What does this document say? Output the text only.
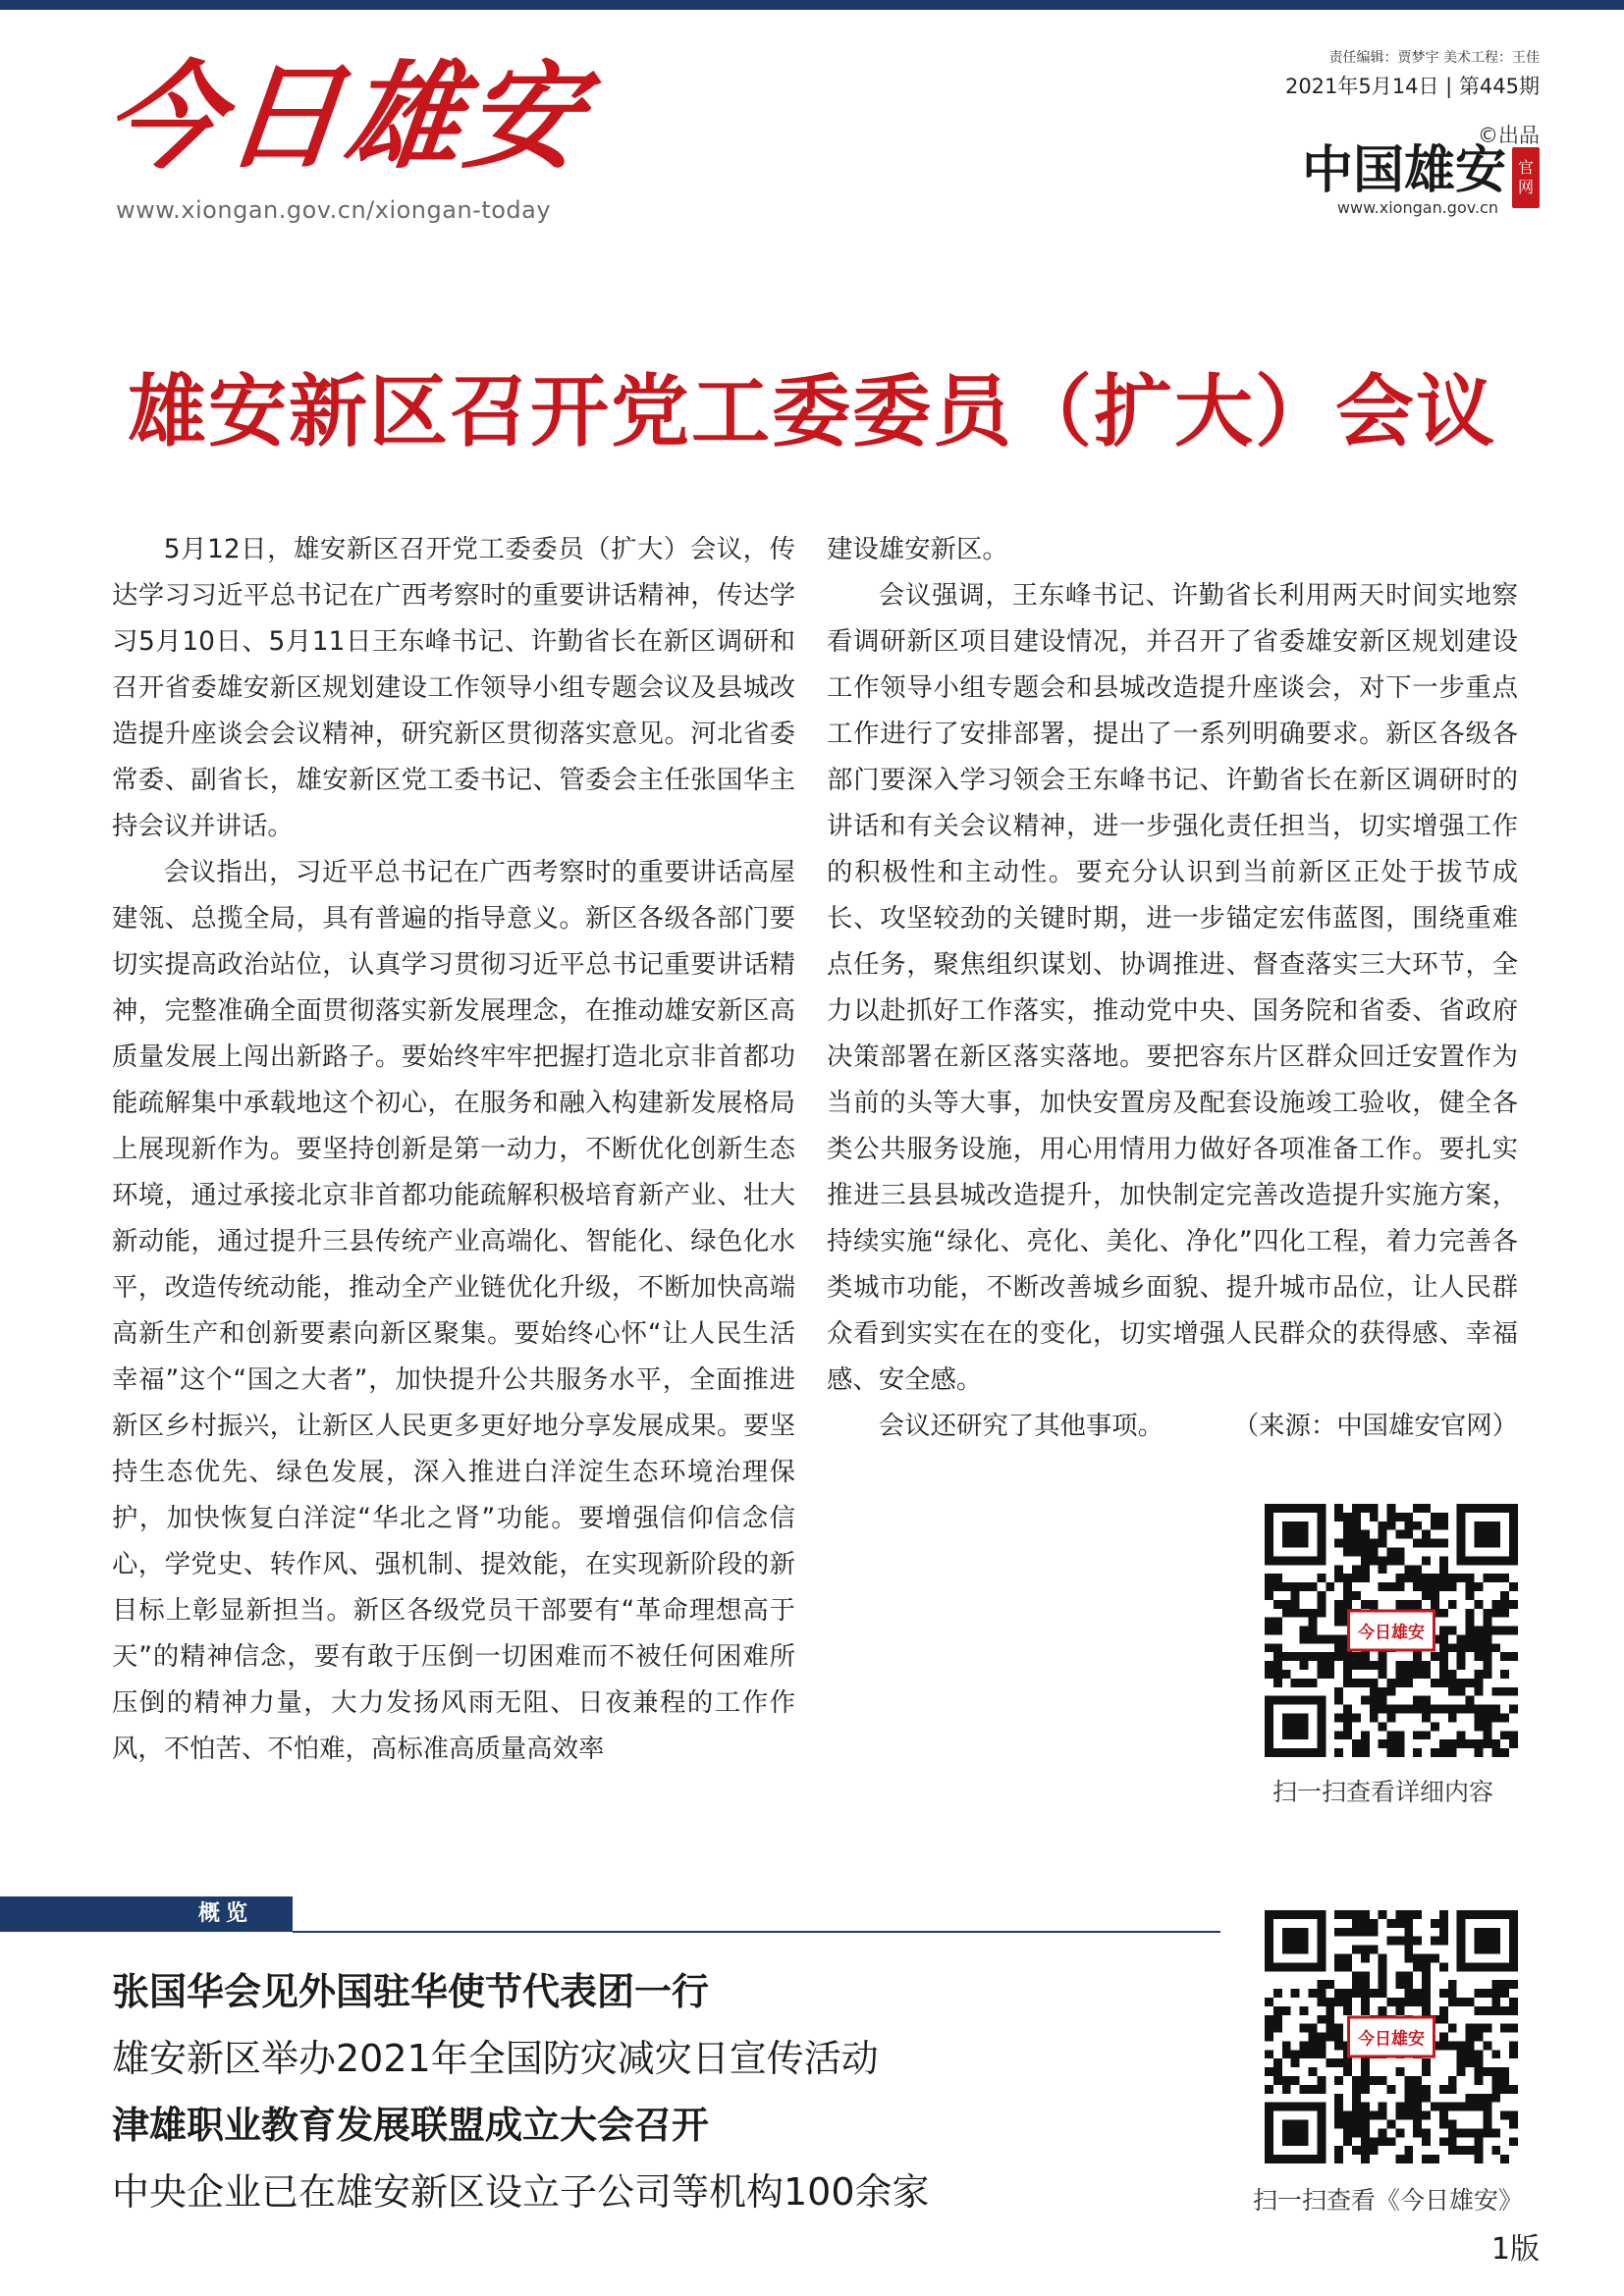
今日雄安
www.xiongan.gov.cn/xiongan-today
责任编辑：贾梦宇 美术工程：王佳
2021年5月14日 | 第445期
©出品
中国雄安 官网
www.xiongan.gov.cn
雄安新区召开党工委委员（扩大）会议

5月12日，雄安新区召开党工委委员（扩大）会议，传达学习习近平总书记在广西考察时的重要讲话精神，传达学习5月10日、5月11日王东峰书记、许勤省长在新区调研和召开省委雄安新区规划建设工作领导小组专题会议及县城改造提升座谈会会议精神，研究新区贯彻落实意见。河北省委常委、副省长，雄安新区党工委书记、管委会主任张国华主持会议并讲话。

会议指出，习近平总书记在广西考察时的重要讲话高屋建瓴、总揽全局，具有普遍的指导意义。新区各级各部门要切实提高政治站位，认真学习贯彻习近平总书记重要讲话精神，完整准确全面贯彻落实新发展理念，在推动雄安新区高质量发展上闯出新路子。要始终牢牢把握打造北京非首都功能疏解集中承载地这个初心，在服务和融入构建新发展格局上展现新作为。要坚持创新是第一动力，不断优化创新生态环境，通过承接北京非首都功能疏解积极培育新产业、壮大新动能，通过提升三县传统产业高端化、智能化、绿色化水平，改造传统动能，推动全产业链优化升级，不断加快高端高新生产和创新要素向新区聚集。要始终心怀“让人民生活幸福”这个“国之大者”，加快提升公共服务水平，全面推进新区乡村振兴，让新区人民更多更好地分享发展成果。要坚持生态优先、绿色发展，深入推进白洋淀生态环境治理保护，加快恢复白洋淀“华北之肾”功能。要增强信仰信念信心，学党史、转作风、强机制、提效能，在实现新阶段的新目标上彰显新担当。新区各级党员干部要有“革命理想高于天”的精神信念，要有敢于压倒一切困难而不被任何困难所压倒的精神力量，大力发扬风雨无阻、日夜兼程的工作作风，不怕苦、不怕难，高标准高质量高效率

建设雄安新区。

会议强调，王东峰书记、许勤省长利用两天时间实地察看调研新区项目建设情况，并召开了省委雄安新区规划建设工作领导小组专题会和县城改造提升座谈会，对下一步重点工作进行了安排部署，提出了一系列明确要求。新区各级各部门要深入学习领会王东峰书记、许勤省长在新区调研时的讲话和有关会议精神，进一步强化责任担当，切实增强工作的积极性和主动性。要充分认识到当前新区正处于拔节成长、攻坚较劲的关键时期，进一步锚定宏伟蓝图，围绕重难点任务，聚焦组织谋划、协调推进、督查落实三大环节，全力以赴抓好工作落实，推动党中央、国务院和省委、省政府决策部署在新区落实落地。要把容东片区群众回迁安置作为当前的头等大事，加快安置房及配套设施竣工验收，健全各类公共服务设施，用心用情用力做好各项准备工作。要扎实推进三县县城改造提升，加快制定完善改造提升实施方案，持续实施“绿化、亮化、美化、净化”四化工程，着力完善各类城市功能，不断改善城乡面貌、提升城市品位，让人民群众看到实实在在的变化，切实增强人民群众的获得感、幸福感、安全感。

会议还研究了其他事项。	（来源：中国雄安官网）

今日雄安
扫一扫查看详细内容
概览
张国华会见外国驻华使节代表团一行
雄安新区举办2021年全国防灾减灾日宣传活动
津雄职业教育发展联盟成立大会召开
中央企业已在雄安新区设立子公司等机构100余家
今日雄安
扫一扫查看《今日雄安》
1版
